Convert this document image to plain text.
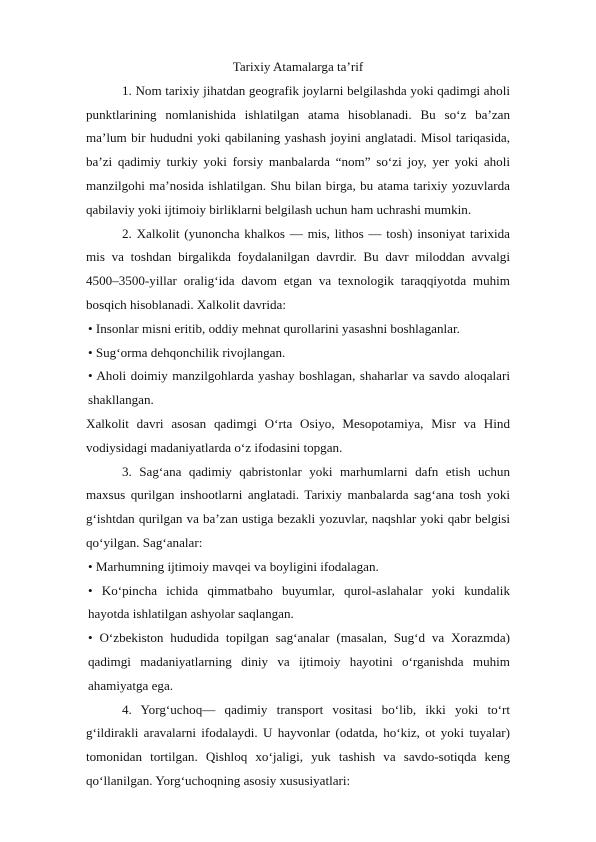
Tarixiy Atamalarga ta’rif

1. Nom tarixiy jihatdan geografik joylarni belgilashda yoki qadimgi aholi punktlarining nomlanishida ishlatilgan atama hisoblanadi. Bu so‘z ba’zan ma’lum bir hududni yoki qabilaning yashash joyini anglatadi. Misol tariqasida, ba’zi qadimiy turkiy yoki forsiy manbalarda “nom” so‘zi joy, yer yoki aholi manzilgohi ma’nosida ishlatilgan. Shu bilan birga, bu atama tarixiy yozuvlarda qabilaviy yoki ijtimoiy birliklarni belgilash uchun ham uchrashi mumkin.

2. Xalkolit (yunoncha khalkos — mis, lithos — tosh) insoniyat tarixida mis va toshdan birgalikda foydalanilgan davrdir. Bu davr miloddan avvalgi 4500–3500-yillar oralig‘ida davom etgan va texnologik taraqqiyotda muhim bosqich hisoblanadi. Xalkolit davrida:

• Insonlar misni eritib, oddiy mehnat qurollarini yasashni boshlaganlar.

• Sug‘orma dehqonchilik rivojlangan.

• Aholi doimiy manzilgohlarda yashay boshlagan, shaharlar va savdo aloqalari shakllangan.

Xalkolit davri asosan qadimgi O‘rta Osiyo, Mesopotamiya, Misr va Hind vodiysidagi madaniyatlarda o‘z ifodasini topgan.

3. Sag‘ana qadimiy qabristonlar yoki marhumlarni dafn etish uchun maxsus qurilgan inshootlarni anglatadi. Tarixiy manbalarda sag‘ana tosh yoki g‘ishtdan qurilgan va ba’zan ustiga bezakli yozuvlar, naqshlar yoki qabr belgisi qo‘yilgan. Sag‘analar:

• Marhumning ijtimoiy mavqei va boyligini ifodalagan.

• Ko‘pincha ichida qimmatbaho buyumlar, qurol-aslahalar yoki kundalik hayotda ishlatilgan ashyolar saqlangan.

• O‘zbekiston hududida topilgan sag‘analar (masalan, Sug‘d va Xorazmda) qadimgi madaniyatlarning diniy va ijtimoiy hayotini o‘rganishda muhim ahamiyatga ega.

4. Yorg‘uchoq— qadimiy transport vositasi bo‘lib, ikki yoki to‘rt g‘ildirakli aravalarni ifodalaydi. U hayvonlar (odatda, ho‘kiz, ot yoki tuyalar) tomonidan tortilgan. Qishloq xo‘jaligi, yuk tashish va savdo-sotiqda keng qo‘llanilgan. Yorg‘uchoqning asosiy xususiyatlari:
